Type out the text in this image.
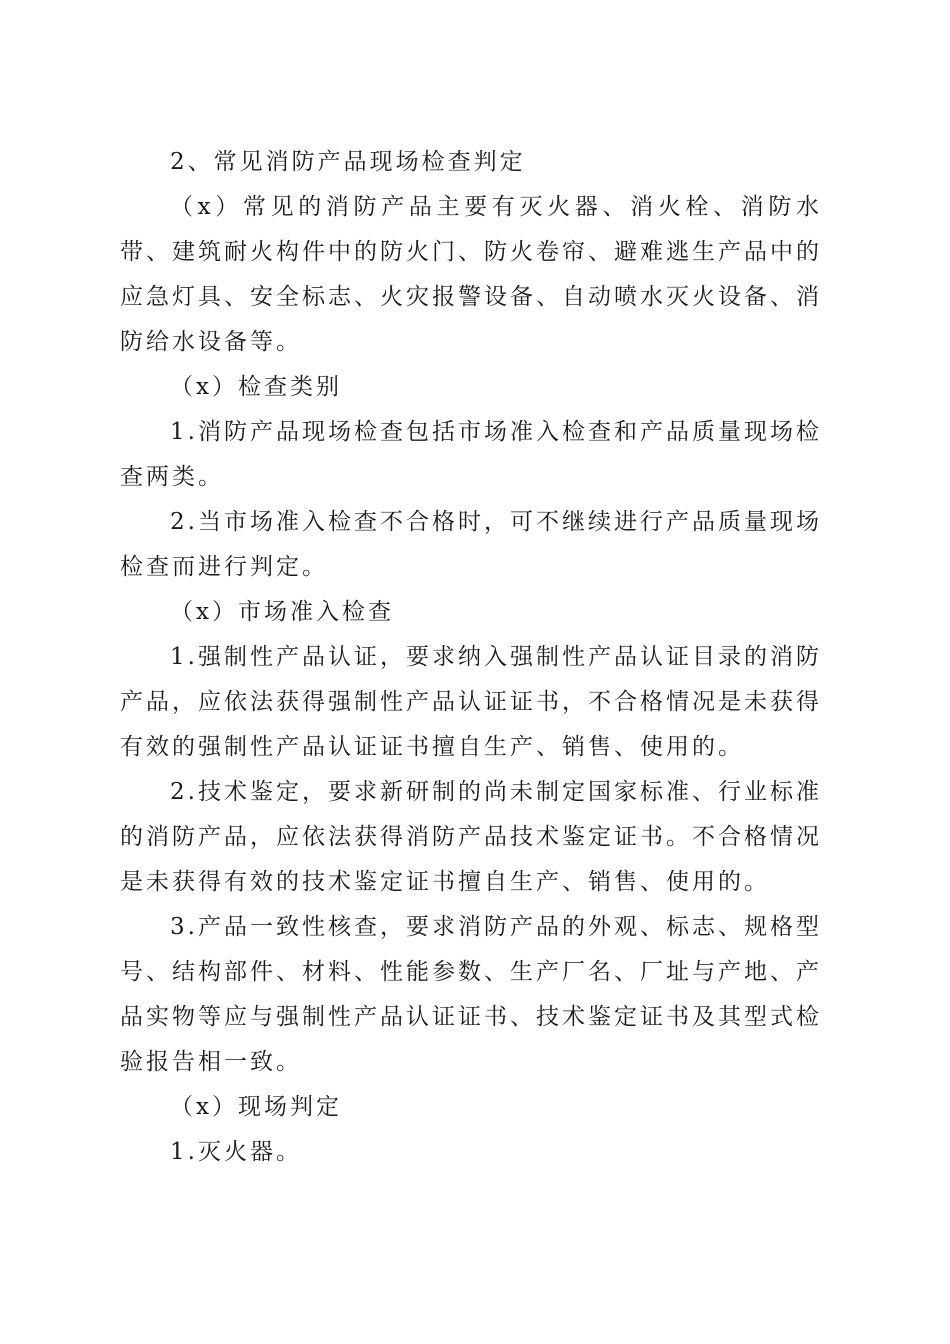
2、常见消防产品现场检查判定

（x）常见的消防产品主要有灭火器、消火栓、消防水带、建筑耐火构件中的防火门、防火卷帘、避难逃生产品中的应急灯具、安全标志、火灾报警设备、自动喷水灭火设备、消防给水设备等。

（x）检查类别

1.消防产品现场检查包括市场准入检查和产品质量现场检查两类。

2.当市场准入检查不合格时，可不继续进行产品质量现场检查而进行判定。

（x）市场准入检查

1.强制性产品认证，要求纳入强制性产品认证目录的消防产品，应依法获得强制性产品认证证书，不合格情况是未获得有效的强制性产品认证证书擅自生产、销售、使用的。

2.技术鉴定，要求新研制的尚未制定国家标准、行业标准的消防产品，应依法获得消防产品技术鉴定证书。不合格情况是未获得有效的技术鉴定证书擅自生产、销售、使用的。

3.产品一致性核查，要求消防产品的外观、标志、规格型号、结构部件、材料、性能参数、生产厂名、厂址与产地、产品实物等应与强制性产品认证证书、技术鉴定证书及其型式检验报告相一致。

（x）现场判定

1.灭火器。
